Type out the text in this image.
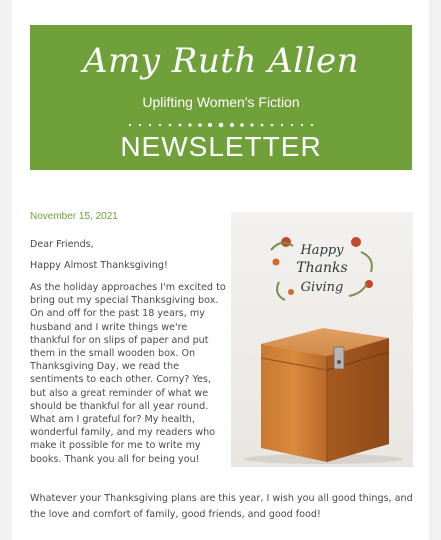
Amy Ruth Allen
Uplifting Women's Fiction
NEWSLETTER
November 15, 2021
Dear Friends,
Happy Almost Thanksgiving!
As the holiday approaches I'm excited to bring out my special Thanksgiving box. On and off for the past 18 years, my husband and I write things we're thankful for on slips of paper and put them in the small wooden box. On Thanksgiving Day, we read the sentiments to each other. Corny? Yes, but also a great reminder of what we should be thankful for all year round. What am I grateful for? My health, wonderful family, and my readers who make it possible for me to write my books. Thank you all for being you!
Happy
Thanks
Giving
Whatever your Thanksgiving plans are this year, I wish you all good things, and the love and comfort of family, good friends, and good food!
